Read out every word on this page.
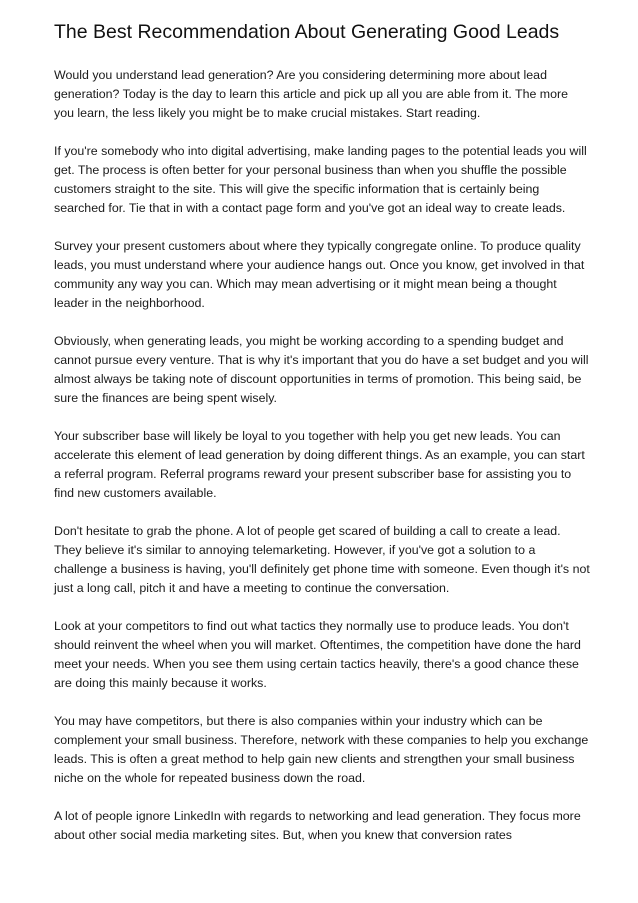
The Best Recommendation About Generating Good Leads

Would you understand lead generation? Are you considering determining more about lead generation? Today is the day to learn this article and pick up all you are able from it. The more you learn, the less likely you might be to make crucial mistakes. Start reading.

If you're somebody who into digital advertising, make landing pages to the potential leads you will get. The process is often better for your personal business than when you shuffle the possible customers straight to the site. This will give the specific information that is certainly being searched for. Tie that in with a contact page form and you've got an ideal way to create leads.

Survey your present customers about where they typically congregate online. To produce quality leads, you must understand where your audience hangs out. Once you know, get involved in that community any way you can. Which may mean advertising or it might mean being a thought leader in the neighborhood.

Obviously, when generating leads, you might be working according to a spending budget and cannot pursue every venture. That is why it's important that you do have a set budget and you will almost always be taking note of discount opportunities in terms of promotion. This being said, be sure the finances are being spent wisely.

Your subscriber base will likely be loyal to you together with help you get new leads. You can accelerate this element of lead generation by doing different things. As an example, you can start a referral program. Referral programs reward your present subscriber base for assisting you to find new customers available.

Don't hesitate to grab the phone. A lot of people get scared of building a call to create a lead. They believe it's similar to annoying telemarketing. However, if you've got a solution to a challenge a business is having, you'll definitely get phone time with someone. Even though it's not just a long call, pitch it and have a meeting to continue the conversation.

Look at your competitors to find out what tactics they normally use to produce leads. You don't should reinvent the wheel when you will market. Oftentimes, the competition have done the hard meet your needs. When you see them using certain tactics heavily, there's a good chance these are doing this mainly because it works.

You may have competitors, but there is also companies within your industry which can be complement your small business. Therefore, network with these companies to help you exchange leads. This is often a great method to help gain new clients and strengthen your small business niche on the whole for repeated business down the road.

A lot of people ignore LinkedIn with regards to networking and lead generation. They focus more about other social media marketing sites. But, when you knew that conversion rates
